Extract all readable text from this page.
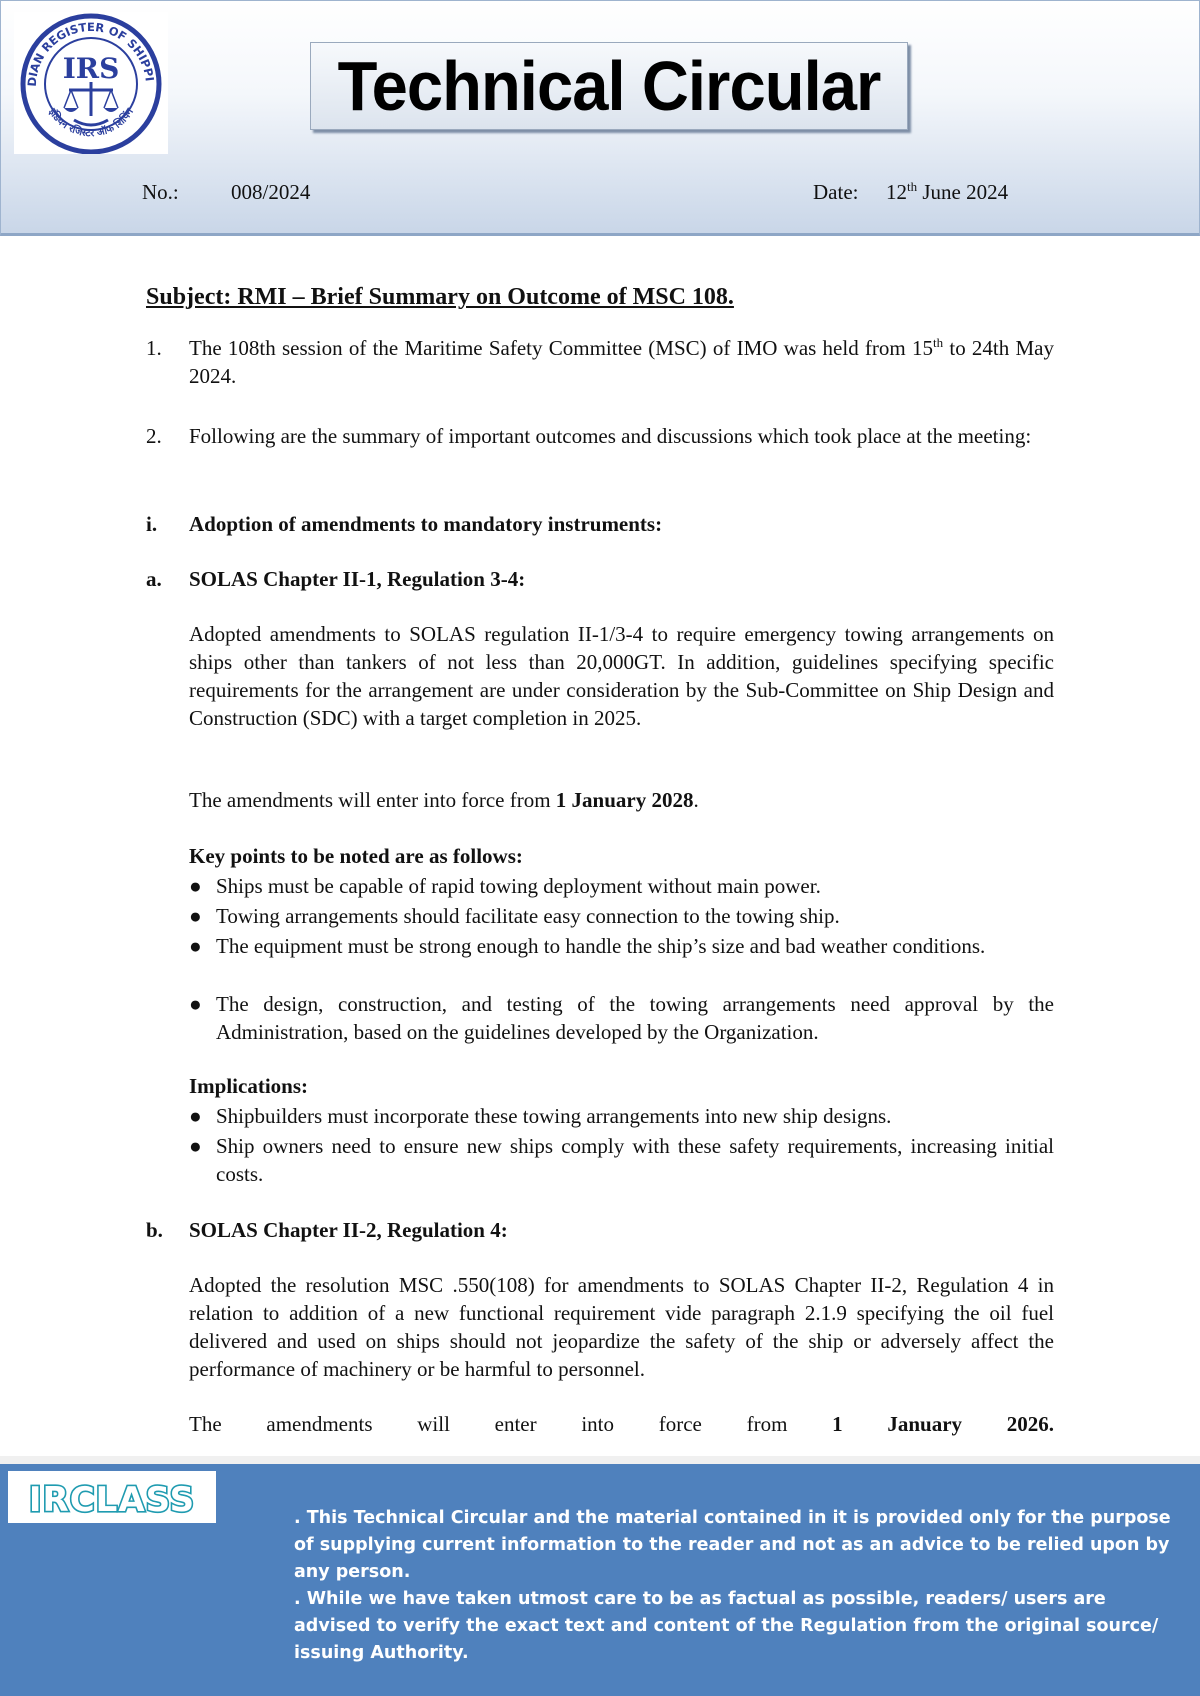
DIAN REGISTER OF SHIPPI
इंडियन रजिस्टर ऑफ शिपिंग
IRS	Technical Circular
No.: 008/2024	Date: 12th June 2024
Subject: RMI – Brief Summary on Outcome of MSC 108.
1.	The 108th session of the Maritime Safety Committee (MSC) of IMO was held from 15th to 24th May 2024.
2.	Following are the summary of important outcomes and discussions which took place at the meeting:
i.	Adoption of amendments to mandatory instruments:
a.	SOLAS Chapter II-1, Regulation 3-4:
Adopted amendments to SOLAS regulation II-1/3-4 to require emergency towing arrangements on ships other than tankers of not less than 20,000GT. In addition, guidelines specifying specific requirements for the arrangement are under consideration by the Sub-Committee on Ship Design and Construction (SDC) with a target completion in 2025.
The amendments will enter into force from 1 January 2028.
Key points to be noted are as follows:
● Ships must be capable of rapid towing deployment without main power.
● Towing arrangements should facilitate easy connection to the towing ship.
● The equipment must be strong enough to handle the ship’s size and bad weather conditions.
● The design, construction, and testing of the towing arrangements need approval by the Administration, based on the guidelines developed by the Organization.
Implications:
● Shipbuilders must incorporate these towing arrangements into new ship designs.
● Ship owners need to ensure new ships comply with these safety requirements, increasing initial costs.
b.	SOLAS Chapter II-2, Regulation 4:
Adopted the resolution MSC .550(108) for amendments to SOLAS Chapter II-2, Regulation 4 in relation to addition of a new functional requirement vide paragraph 2.1.9 specifying the oil fuel delivered and used on ships should not jeopardize the safety of the ship or adversely affect the performance of machinery or be harmful to personnel.
The amendments will enter into force from 1 January 2026.
IRCLASS	. This Technical Circular and the material contained in it is provided only for the purpose of supplying current information to the reader and not as an advice to be relied upon by any person.
. While we have taken utmost care to be as factual as possible, readers/ users are advised to verify the exact text and content of the Regulation from the original source/ issuing Authority.
